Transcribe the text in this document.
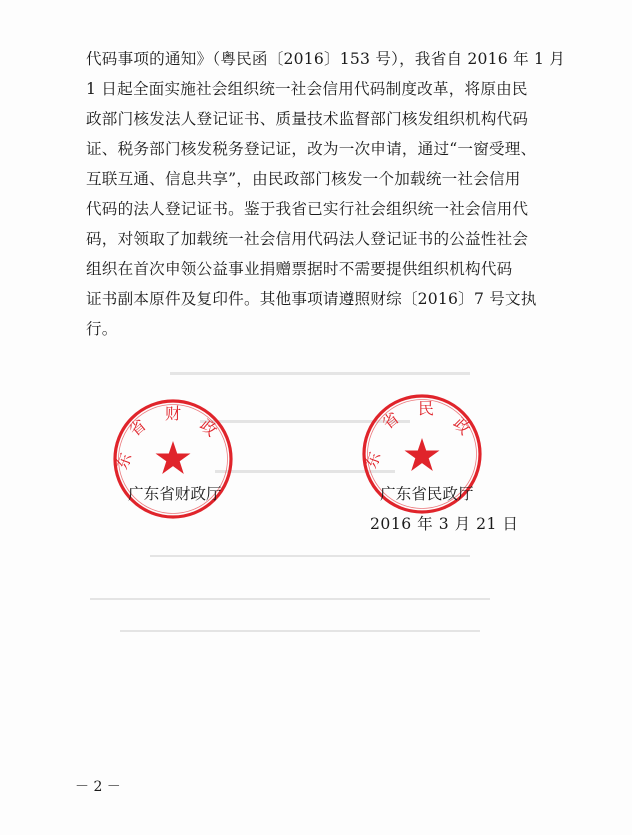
代码事项的通知》（粤民函〔2016〕153 号），我省自 2016 年 1 月
1 日起全面实施社会组织统一社会信用代码制度改革，将原由民
政部门核发法人登记证书、质量技术监督部门核发组织机构代码
证、税务部门核发税务登记证，改为一次申请，通过“一窗受理、
互联互通、信息共享”，由民政部门核发一个加载统一社会信用
代码的法人登记证书。鉴于我省已实行社会组织统一社会信用代
码，对领取了加载统一社会信用代码法人登记证书的公益性社会
组织在首次申领公益事业捐赠票据时不需要提供组织机构代码
证书副本原件及复印件。其他事项请遵照财综〔2016〕7 号文执
行。
东
省
财
政
东
省 民
政
广东省财政厅	广东省民政厅
2016 年 3 月 21 日
－ 2 －
